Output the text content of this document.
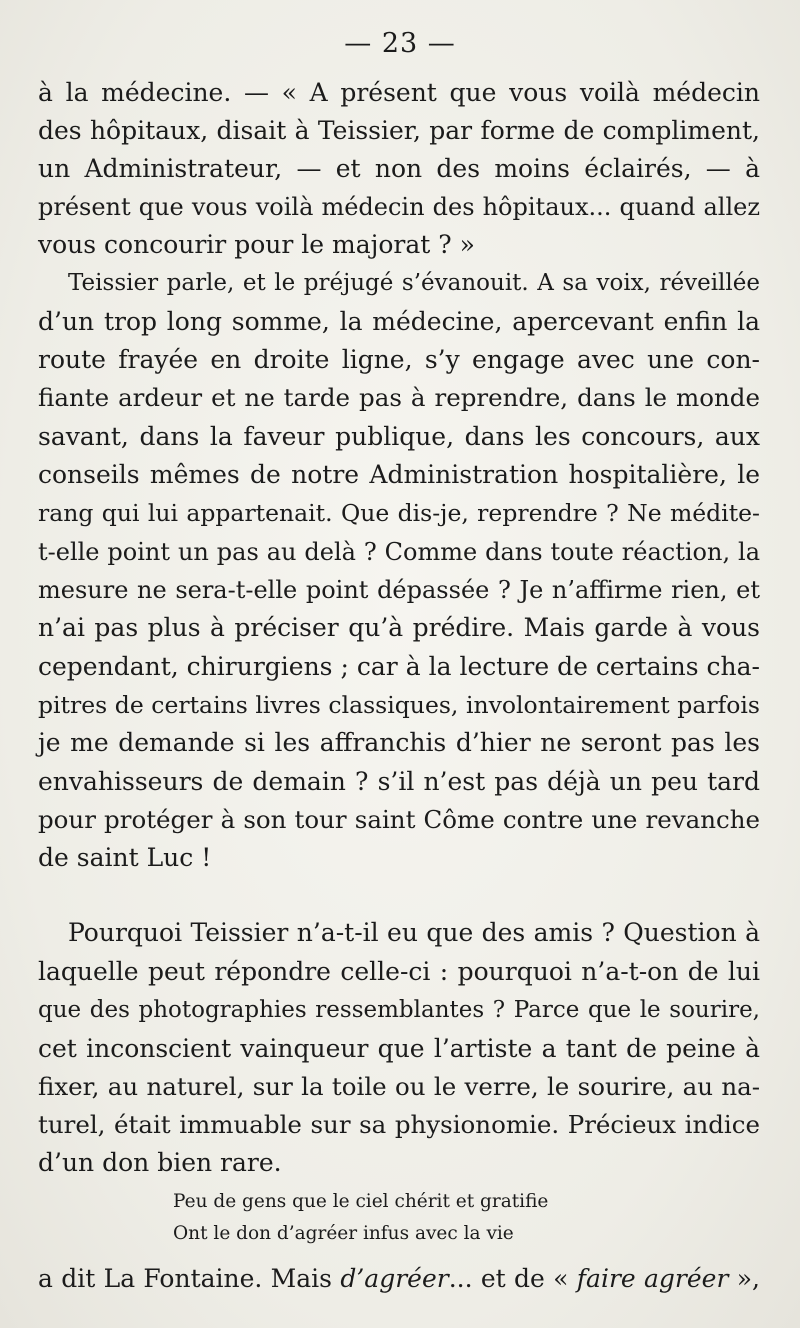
— 23 —
à la médecine. — « A présent que vous voilà médecin
des hôpitaux, disait à Teissier, par forme de compliment,
un Administrateur, — et non des moins éclairés, — à
présent que vous voilà médecin des hôpitaux... quand allez
vous concourir pour le majorat ? »
Teissier parle, et le préjugé s’évanouit. A sa voix, réveillée
d’un trop long somme, la médecine, apercevant enfin la
route frayée en droite ligne, s’y engage avec une con-
fiante ardeur et ne tarde pas à reprendre, dans le monde
savant, dans la faveur publique, dans les concours, aux
conseils mêmes de notre Administration hospitalière, le
rang qui lui appartenait. Que dis-je, reprendre ? Ne médite-
t-elle point un pas au delà ? Comme dans toute réaction, la
mesure ne sera-t-elle point dépassée ? Je n’affirme rien, et
n’ai pas plus à préciser qu’à prédire. Mais garde à vous
cependant, chirurgiens ; car à la lecture de certains cha-
pitres de certains livres classiques, involontairement parfois
je me demande si les affranchis d’hier ne seront pas les
envahisseurs de demain ? s’il n’est pas déjà un peu tard
pour protéger à son tour saint Côme contre une revanche
de saint Luc !
Pourquoi Teissier n’a-t-il eu que des amis ? Question à
laquelle peut répondre celle-ci : pourquoi n’a-t-on de lui
que des photographies ressemblantes ? Parce que le sourire,
cet inconscient vainqueur que l’artiste a tant de peine à
fixer, au naturel, sur la toile ou le verre, le sourire, au na-
turel, était immuable sur sa physionomie. Précieux indice
d’un don bien rare.
Peu de gens que le ciel chérit et gratifie
Ont le don d’agréer infus avec la vie
a dit La Fontaine. Mais d’agréer... et de « faire agréer »,
